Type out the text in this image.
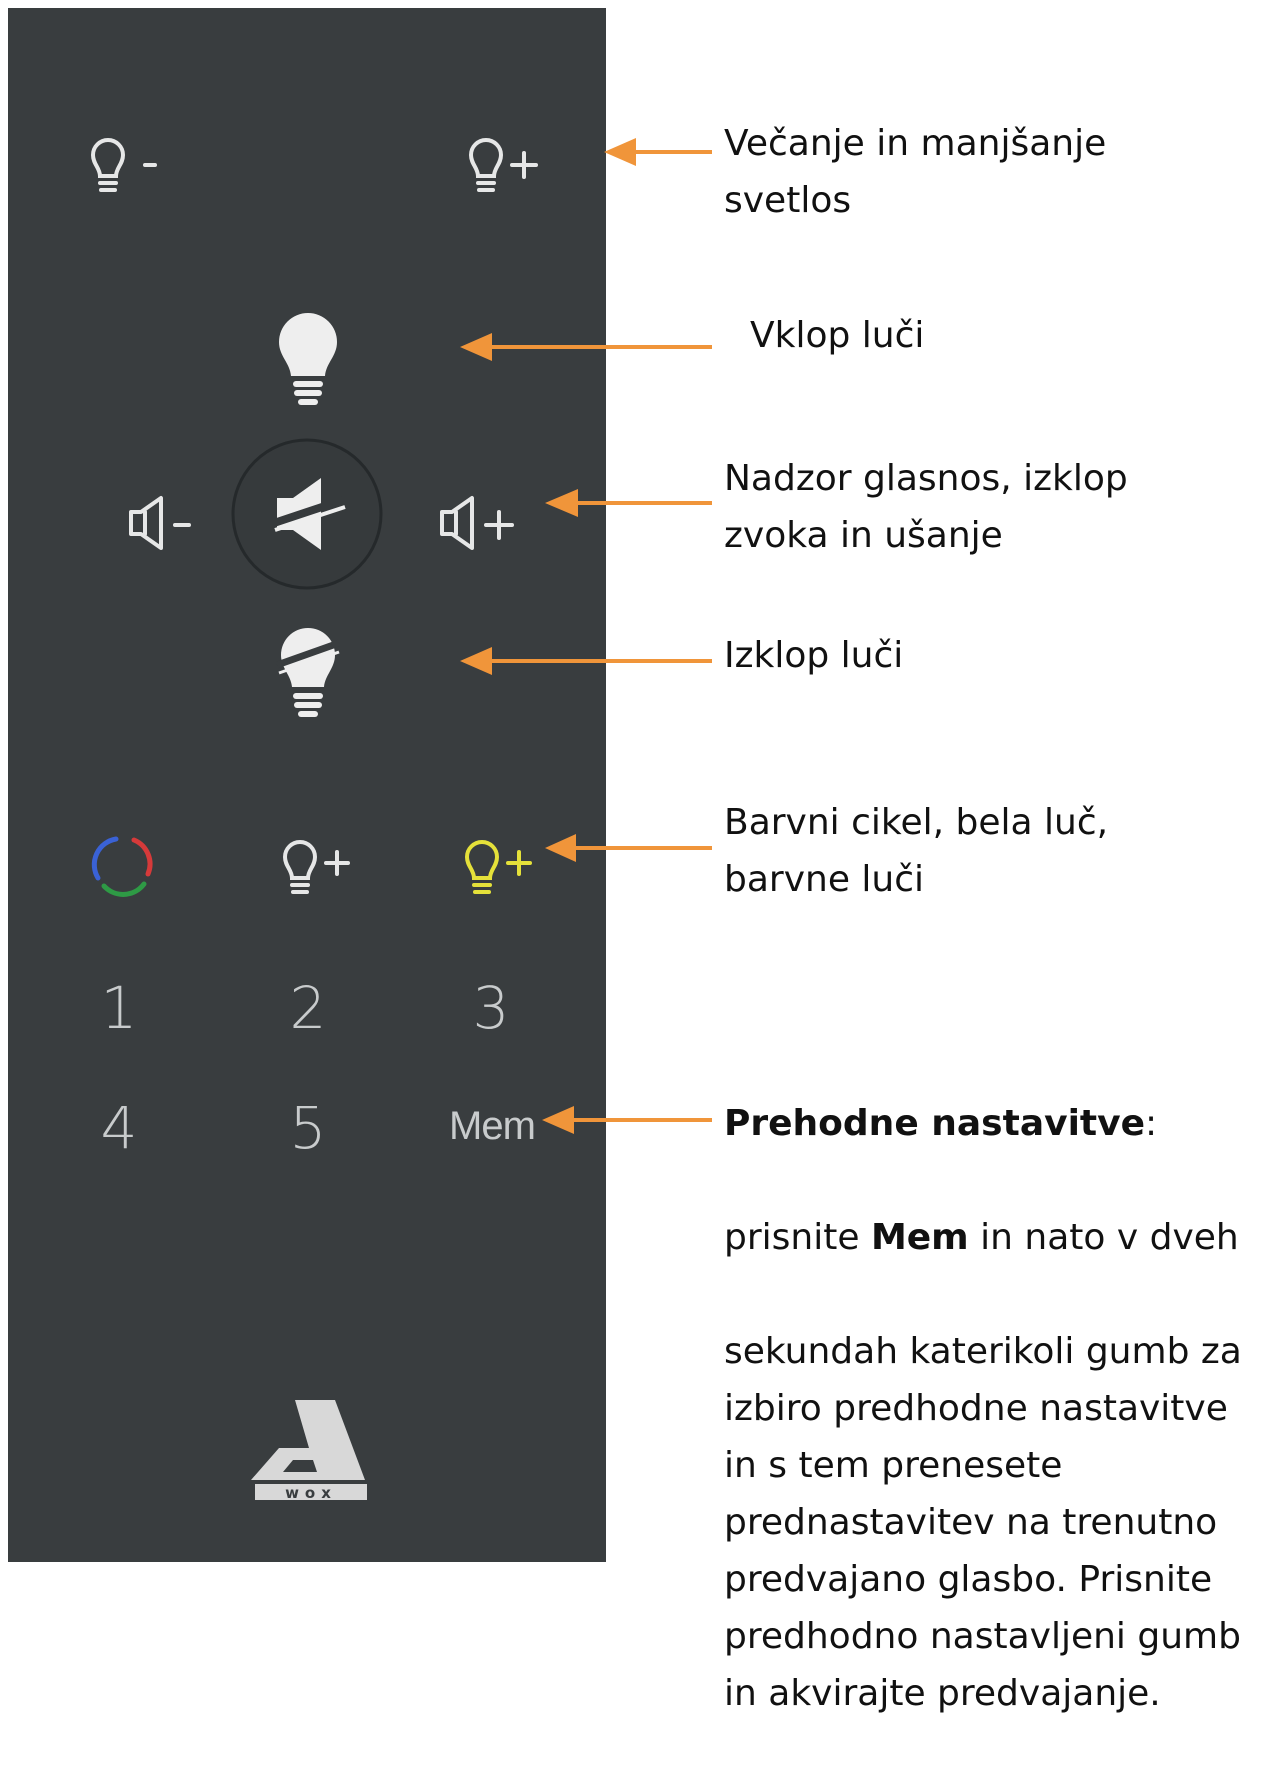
1	2	3
4	5	Mem
wox

Večanje in manjšanje
svetlos

Vklop luči

Nadzor glasnos, izklop
zvoka in ušanje

Izklop luči

Barvni cikel, bela luč,
barvne luči

Prehodne nastavitve:

prisnite Mem in nato v dveh

sekundah katerikoli gumb za
izbiro predhodne nastavitve
in s tem prenesete
prednastavitev na trenutno
predvajano glasbo. Prisnite
predhodno nastavljeni gumb
in akvirajte predvajanje.
